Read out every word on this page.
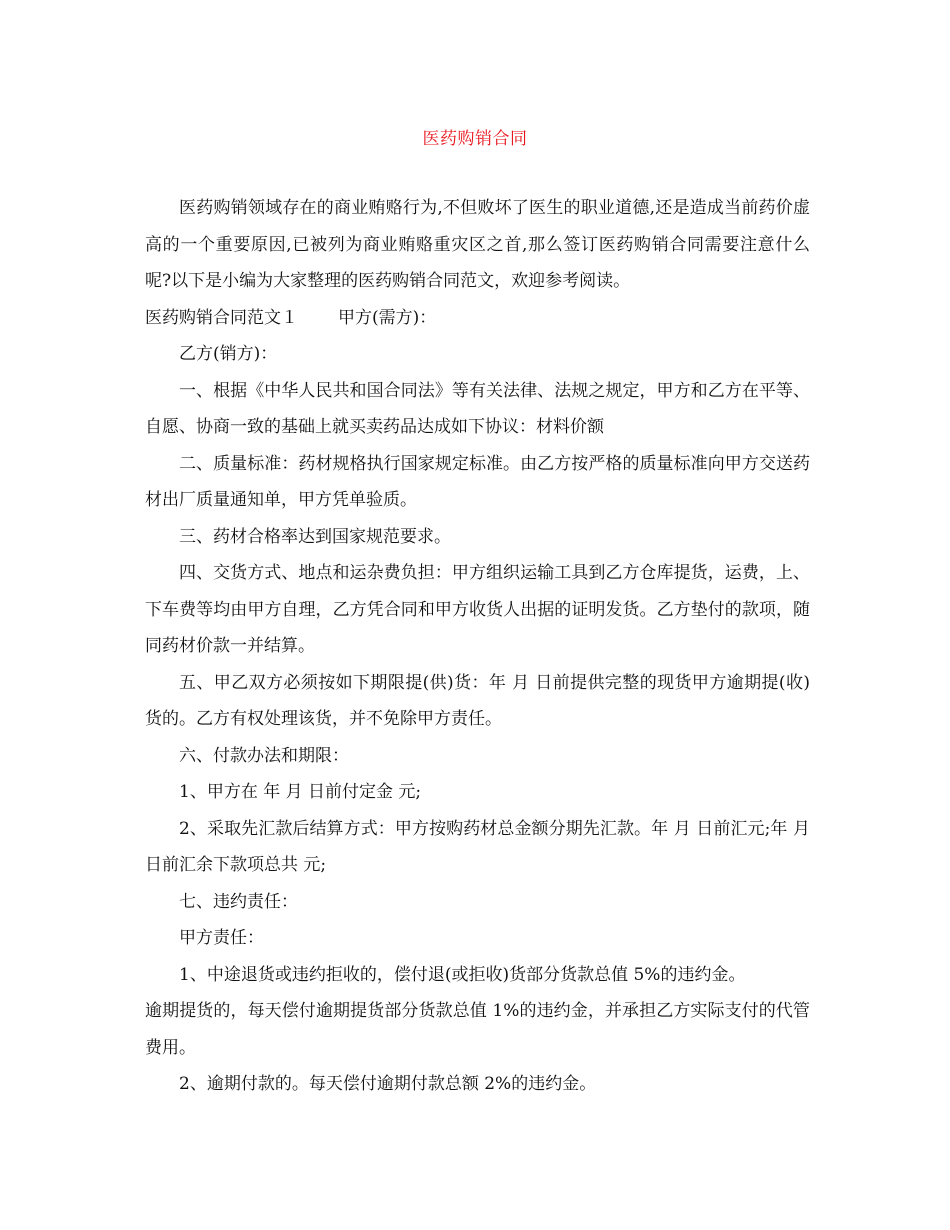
医药购销合同

医药购销领域存在的商业贿赂行为,不但败坏了医生的职业道德,还是造成当前药价虚高的一个重要原因,已被列为商业贿赂重灾区之首,那么签订医药购销合同需要注意什么呢?以下是小编为大家整理的医药购销合同范文，欢迎参考阅读。

医药购销合同范文１ 甲方(需方)：

乙方(销方)：

一、根据《中华人民共和国合同法》等有关法律、法规之规定，甲方和乙方在平等、自愿、协商一致的基础上就买卖药品达成如下协议：材料价额

二、质量标准：药材规格执行国家规定标准。由乙方按严格的质量标准向甲方交送药材出厂质量通知单，甲方凭单验质。

三、药材合格率达到国家规范要求。

四、交货方式、地点和运杂费负担：甲方组织运输工具到乙方仓库提货，运费，上、下车费等均由甲方自理，乙方凭合同和甲方收货人出据的证明发货。乙方垫付的款项，随同药材价款一并结算。

五、甲乙双方必须按如下期限提(供)货：年 月 日前提供完整的现货甲方逾期提(收)货的。乙方有权处理该货，并不免除甲方责任。

六、付款办法和期限：

1、甲方在 年 月 日前付定金 元;

2、采取先汇款后结算方式：甲方按购药材总金额分期先汇款。年 月 日前汇元;年 月 日前汇余下款项总共 元;

七、违约责任：

甲方责任：

1、中途退货或违约拒收的，偿付退(或拒收)货部分货款总值 5%的违约金。

逾期提货的，每天偿付逾期提货部分货款总值 1%的违约金，并承担乙方实际支付的代管费用。

2、逾期付款的。每天偿付逾期付款总额 2%的违约金。
